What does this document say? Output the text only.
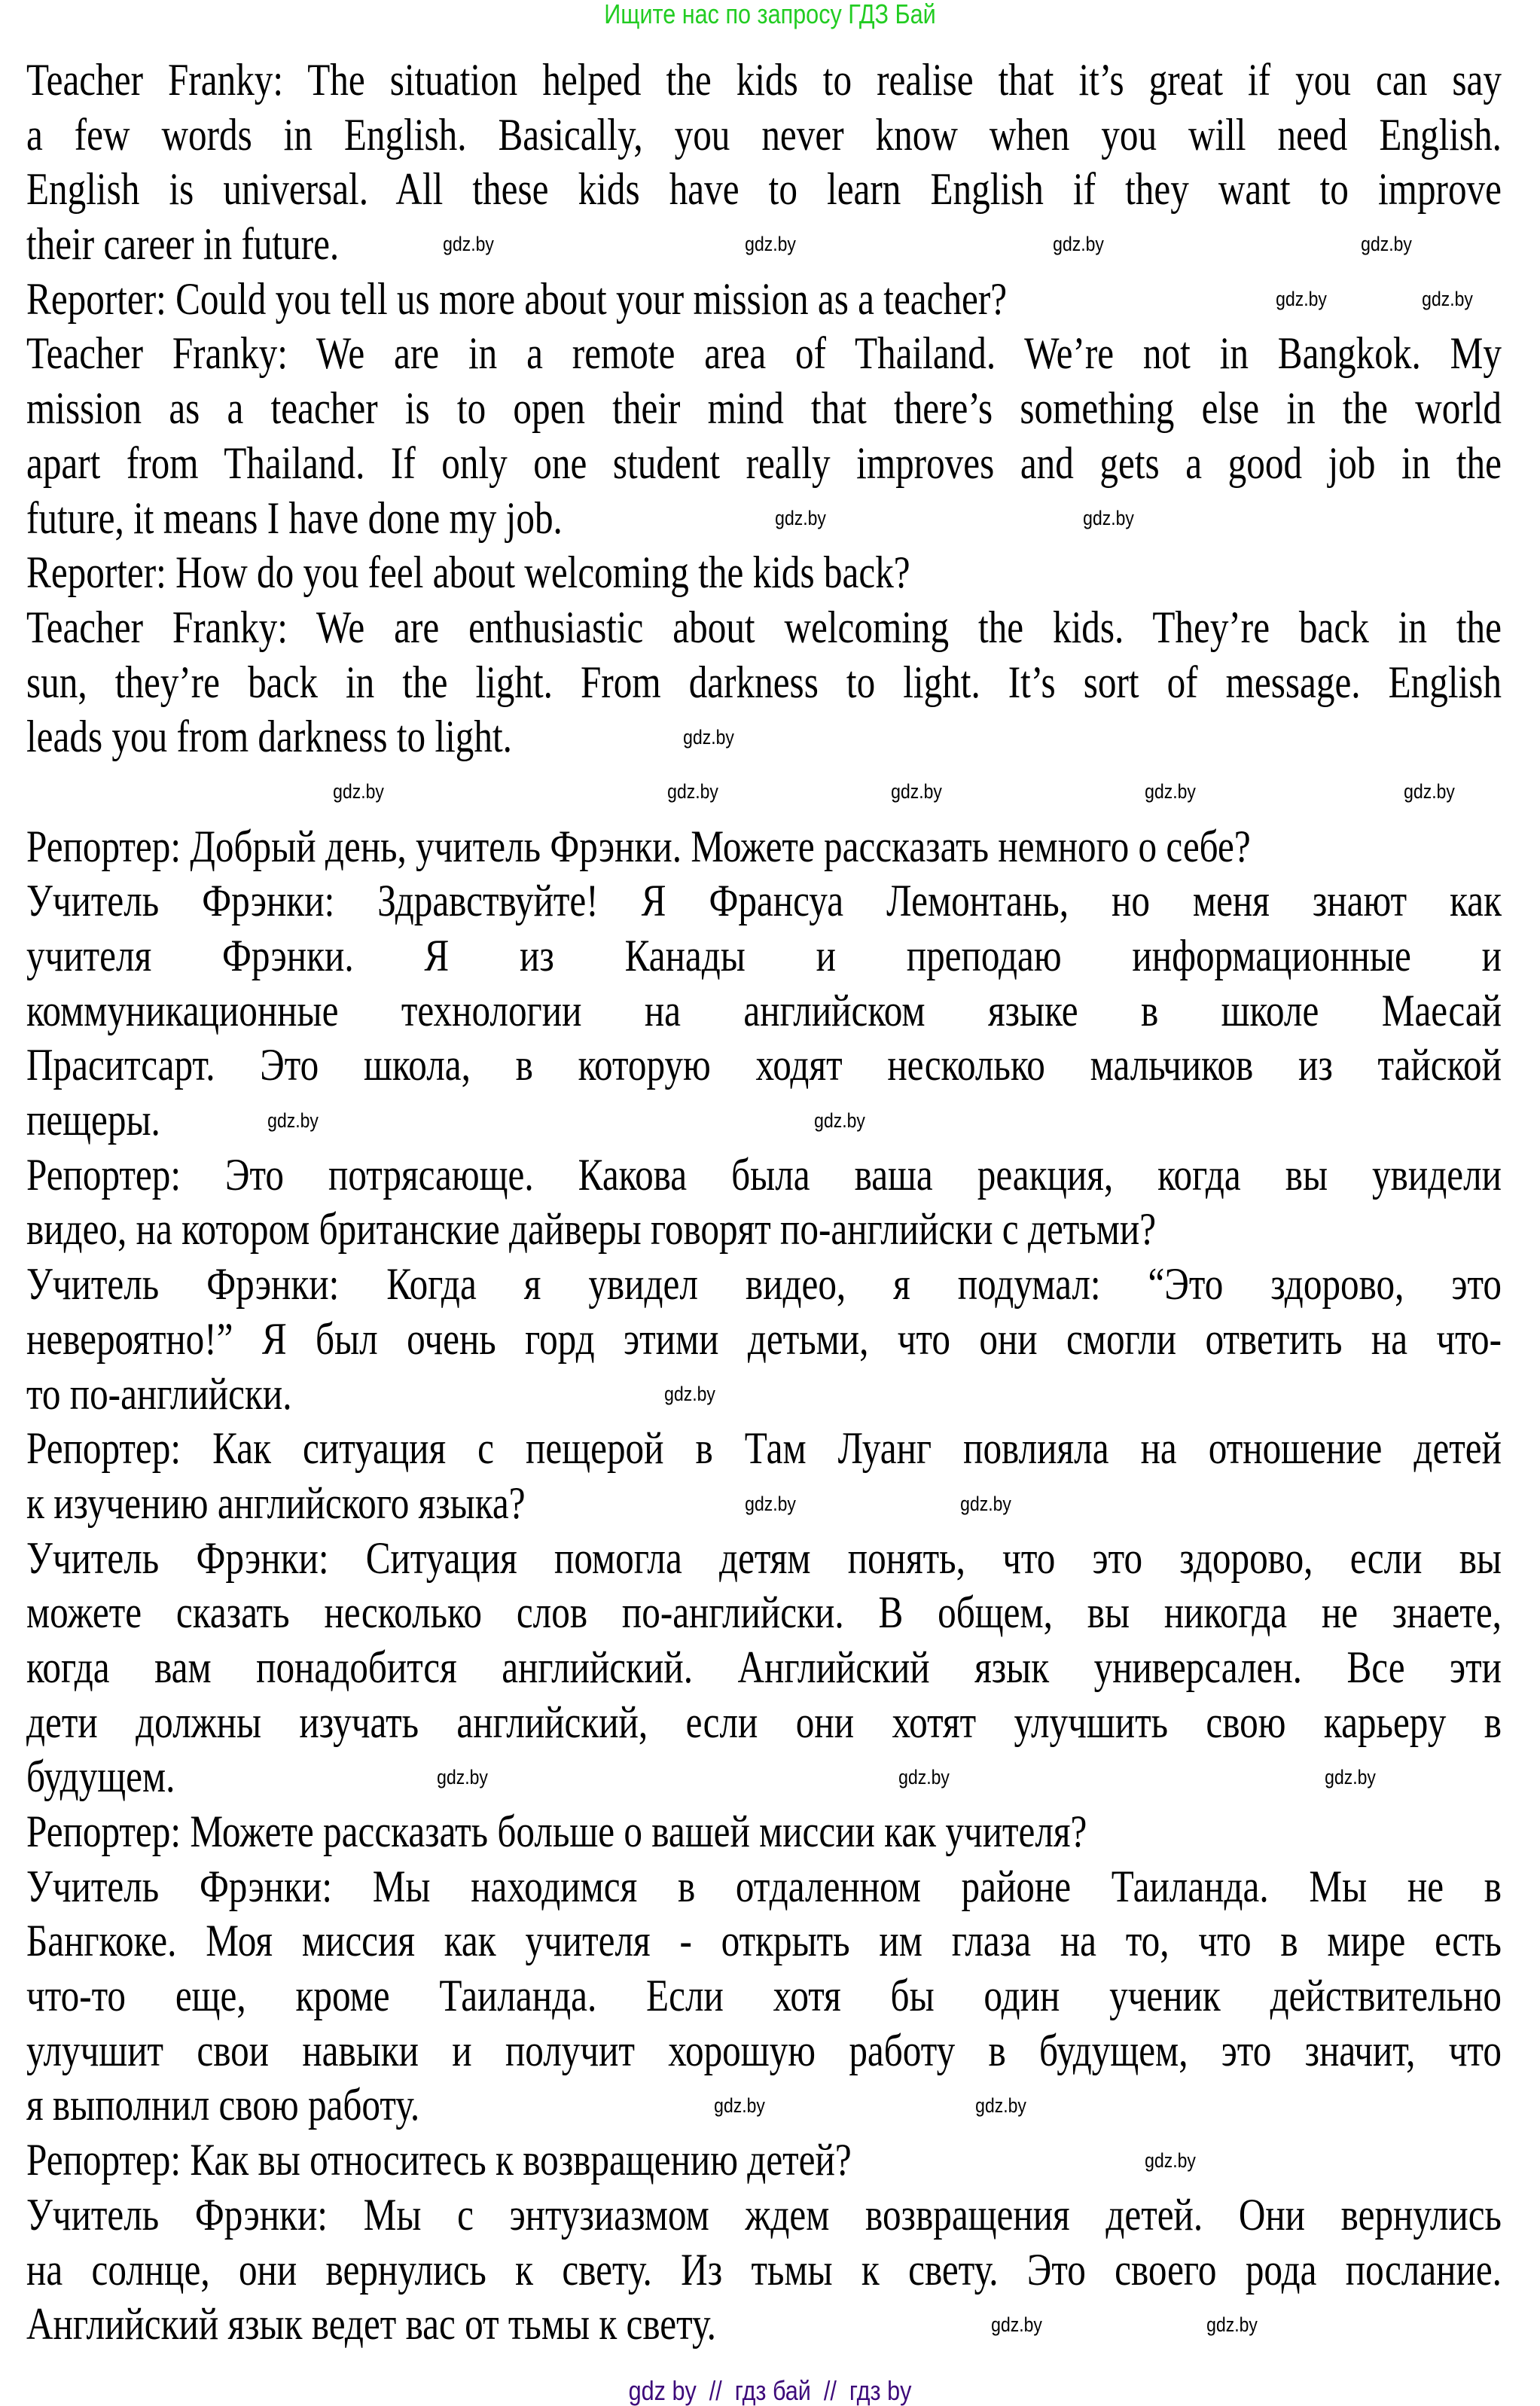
Ищите нас по запросу ГДЗ Бай
Teacher Franky: The situation helped the kids to realise that it’s great if you can say
a few words in English. Basically, you never know when you will need English.
English is universal. All these kids have to learn English if they want to improve
their career in future.
Reporter: Could you tell us more about your mission as a teacher?
Teacher Franky: We are in a remote area of Thailand. We’re not in Bangkok. My
mission as a teacher is to open their mind that there’s something else in the world
apart from Thailand. If only one student really improves and gets a good job in the
future, it means I have done my job.
Reporter: How do you feel about welcoming the kids back?
Teacher Franky: We are enthusiastic about welcoming the kids. They’re back in the
sun, they’re back in the light. From darkness to light. It’s sort of message. English
leads you from darkness to light.
Репортер: Добрый день, учитель Фрэнки. Можете рассказать немного о себе?
Учитель Фрэнки: Здравствуйте! Я Франсуа Лемонтань, но меня знают как
учителя Фрэнки. Я из Канады и преподаю информационные и
коммуникационные технологии на английском языке в школе Маесай
Праситсарт. Это школа, в которую ходят несколько мальчиков из тайской
пещеры.
Репортер: Это потрясающе. Какова была ваша реакция, когда вы увидели
видео, на котором британские дайверы говорят по-английски с детьми?
Учитель Фрэнки: Когда я увидел видео, я подумал: “Это здорово, это
невероятно!” Я был очень горд этими детьми, что они смогли ответить на что-
то по-английски.
Репортер: Как ситуация с пещерой в Там Луанг повлияла на отношение детей
к изучению английского языка?
Учитель Фрэнки: Ситуация помогла детям понять, что это здорово, если вы
можете сказать несколько слов по-английски. В общем, вы никогда не знаете,
когда вам понадобится английский. Английский язык универсален. Все эти
дети должны изучать английский, если они хотят улучшить свою карьеру в
будущем.
Репортер: Можете рассказать больше о вашей миссии как учителя?
Учитель Фрэнки: Мы находимся в отдаленном районе Таиланда. Мы не в
Бангкоке. Моя миссия как учителя - открыть им глаза на то, что в мире есть
что-то еще, кроме Таиланда. Если хотя бы один ученик действительно
улучшит свои навыки и получит хорошую работу в будущем, это значит, что
я выполнил свою работу.
Репортер: Как вы относитесь к возвращению детей?
Учитель Фрэнки: Мы с энтузиазмом ждем возвращения детей. Они вернулись
на солнце, они вернулись к свету. Из тьмы к свету. Это своего рода послание.
Английский язык ведет вас от тьмы к свету.
gdz.by	gdz.by	gdz.by	gdz.by
gdz.by	gdz.by
gdz.by	gdz.by
gdz.by
gdz.by	gdz.by	gdz.by	gdz.by	gdz.by
gdz.by	gdz.by
gdz.by
gdz.by	gdz.by
gdz.by	gdz.by	gdz.by
gdz.by	gdz.by
gdz.by
gdz.by	gdz.by
gdz by  //  гдз бай  //  гдз by
